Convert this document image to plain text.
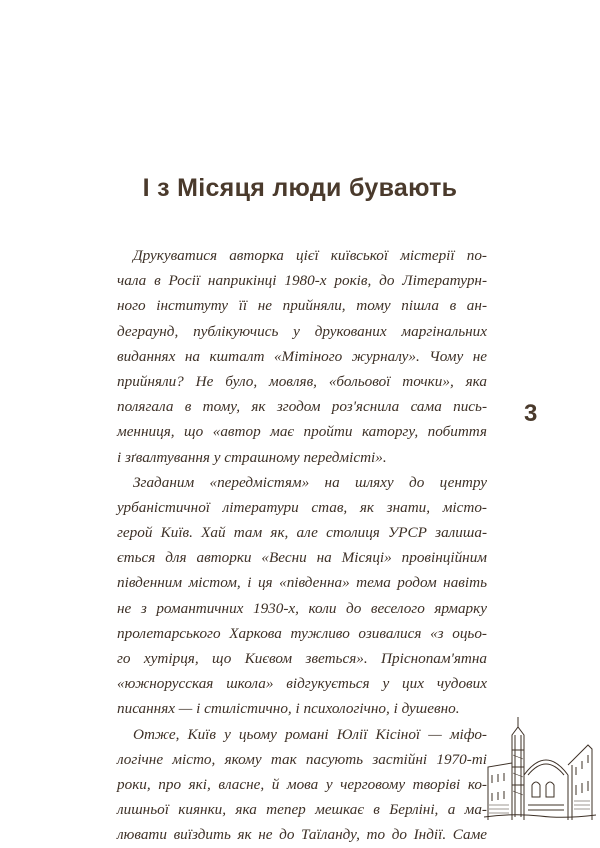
І з Місяця люди бувають
Друкуватися авторка цієї київської містерії по-
чала в Росії наприкінці 1980-х років, до Літературн-
ного інституту її не прийняли, тому пішла в ан-
деграунд, публікуючись у друкованих маргінальних
виданнях на кшталт «Мітіного журналу». Чому не
прийняли? Не було, мовляв, «больової точки», яка
полягала в тому, як згодом роз'яснила сама пись-
менниця, що «автор має пройти каторгу, побиття
і зґвалтування у страшному передмісті».
Згаданим «передмістям» на шляху до центру
урбаністичної літератури став, як знати, місто-
герой Київ. Хай там як, але столиця УРСР залиша-
ється для авторки «Весни на Місяці» провінційним
південним містом, і ця «південна» тема родом навіть
не з романтичних 1930-х, коли до веселого ярмарку
пролетарського Харкова тужливо озивалися «з оцьо-
го хутірця, що Києвом зветься». Пріснопам'ятна
«южнорусская школа» відгукується у цих чудових
писаннях — і стилістично, і психологічно, і душевно.
Отже, Київ у цьому романі Юлії Кісіної — міфо-
логічне місто, якому так пасують застійні 1970-ті
роки, про які, власне, й мова у черговому творіві ко-
лишньої киянки, яка тепер мешкає в Берліні, а ма-
лювати виїздить як не до Таїланду, то до Індії. Саме
3
